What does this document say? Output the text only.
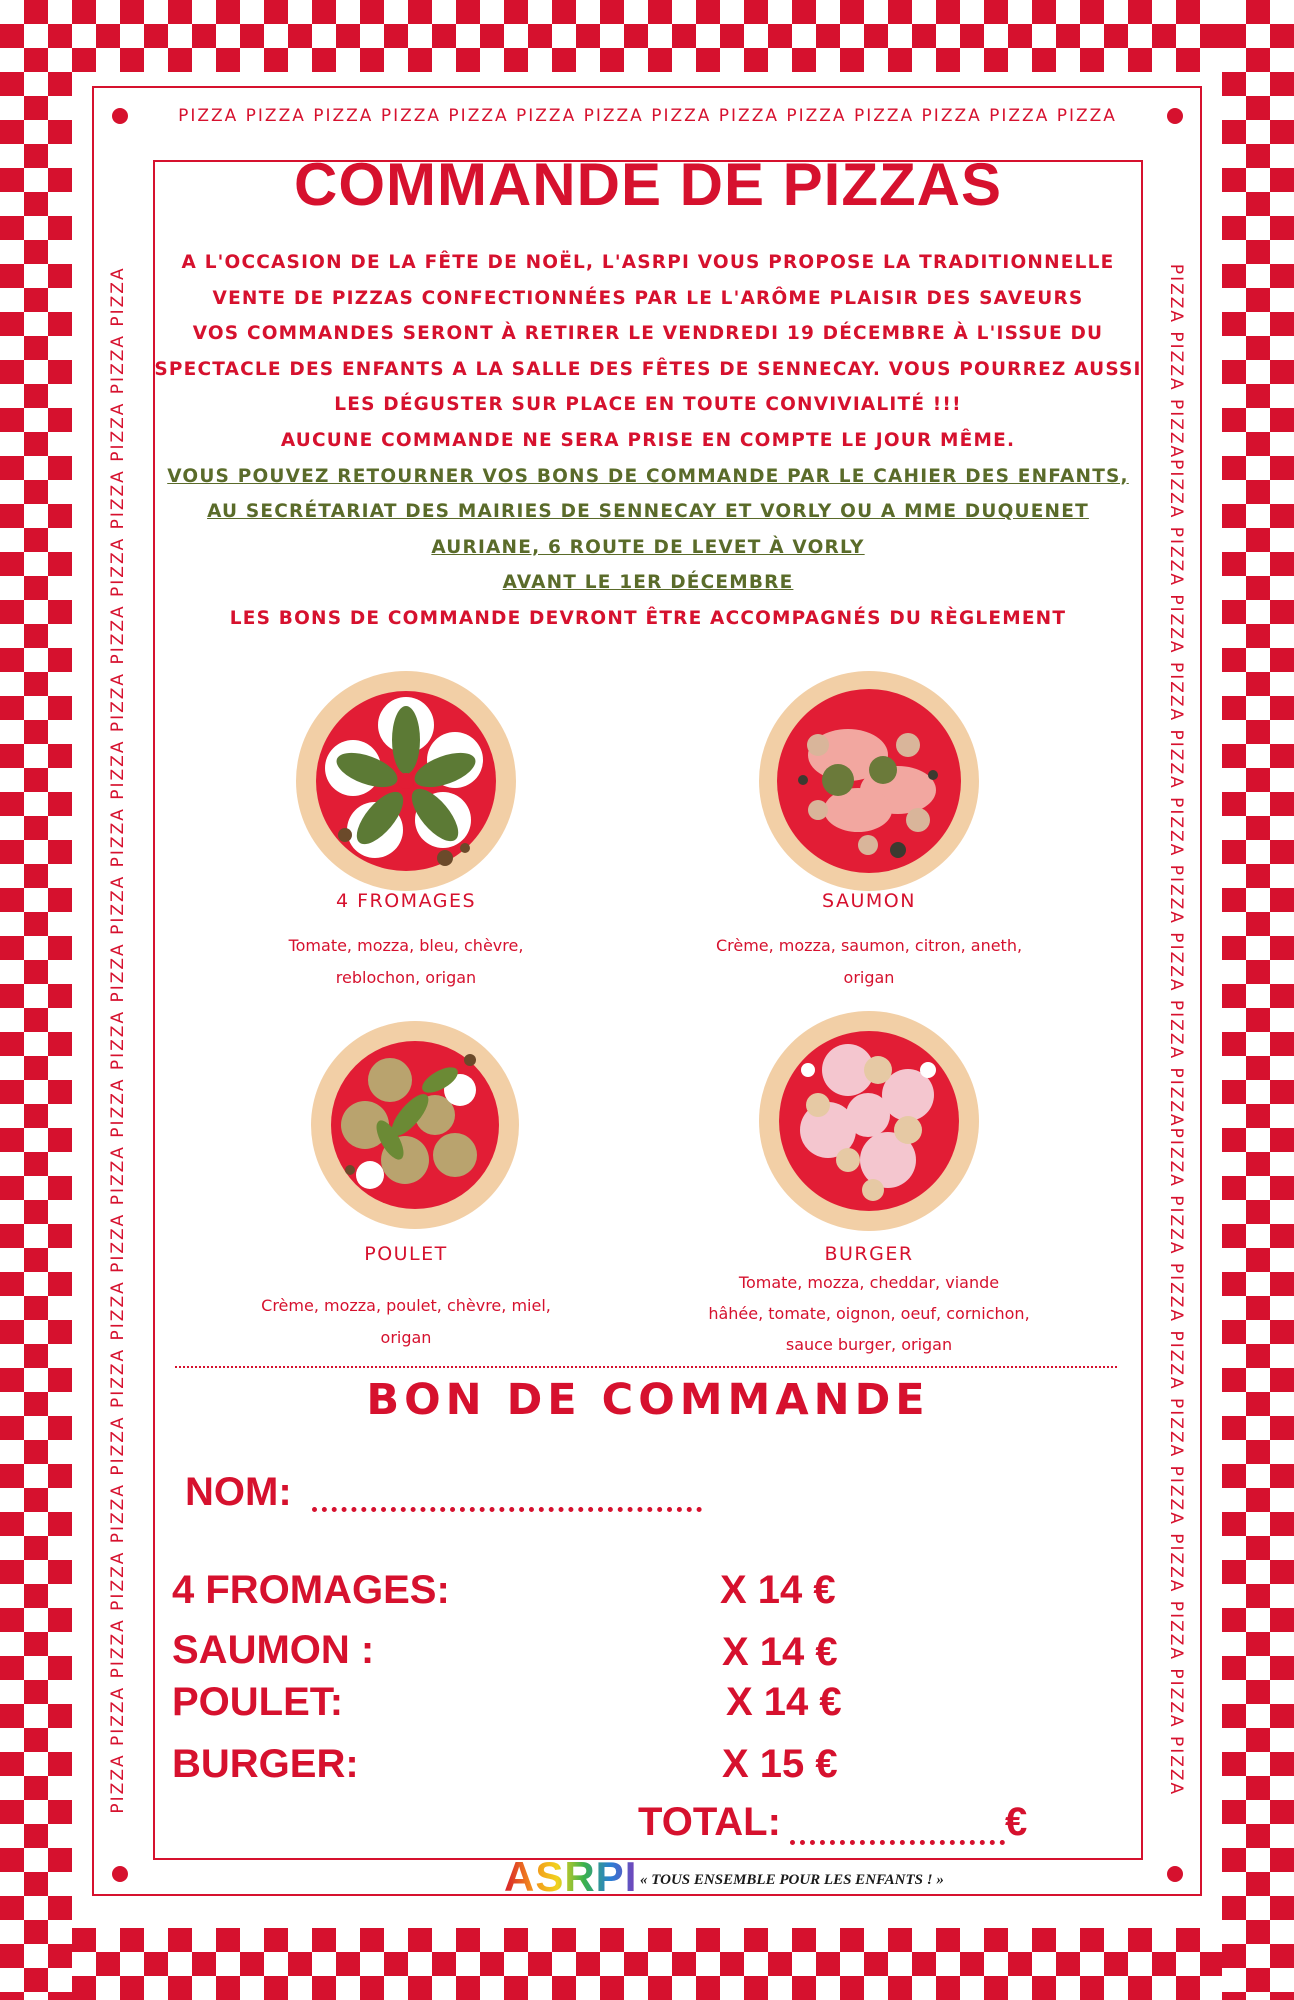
PIZZA PIZZA PIZZA PIZZA PIZZA PIZZA PIZZA PIZZA PIZZA PIZZA PIZZA PIZZA PIZZA PIZZA
PIZZA PIZZA PIZZA PIZZA PIZZA PIZZA PIZZA PIZZA PIZZA PIZZA PIZZA PIZZA PIZZA PIZZA PIZZA PIZZA PIZZA PIZZA PIZZA PIZZA PIZZA PIZZA PIZZA	PIZZA PIZZA PIZZAPIZZA PIZZA PIZZA PIZZA PIZZA PIZZA PIZZA PIZZA PIZZA PIZZAPIZZA PIZZA PIZZA PIZZA PIZZA PIZZA PIZZA PIZZA PIZZA PIZZA
COMMANDE DE PIZZAS
A L'OCCASION DE LA FÊTE DE NOËL, L'ASRPI VOUS PROPOSE LA TRADITIONNELLE
VENTE DE PIZZAS CONFECTIONNÉES PAR LE L'ARÔME PLAISIR DES SAVEURS
VOS COMMANDES SERONT À RETIRER LE VENDREDI 19 DÉCEMBRE À L'ISSUE DU
SPECTACLE DES ENFANTS A LA SALLE DES FÊTES DE SENNECAY. VOUS POURREZ AUSSI
LES DÉGUSTER SUR PLACE EN TOUTE CONVIVIALITÉ !!!
AUCUNE COMMANDE NE SERA PRISE EN COMPTE LE JOUR MÊME.
VOUS POUVEZ RETOURNER VOS BONS DE COMMANDE PAR LE CAHIER DES ENFANTS,
AU SECRÉTARIAT DES MAIRIES DE SENNECAY ET VORLY OU A MME DUQUENET
AURIANE, 6 ROUTE DE LEVET À VORLY
AVANT LE 1ER DÉCEMBRE
LES BONS DE COMMANDE DEVRONT ÊTRE ACCOMPAGNÉS DU RÈGLEMENT
4 FROMAGES
Tomate, mozza, bleu, chèvre,
reblochon, origan
SAUMON
Crème, mozza, saumon, citron, aneth,
origan
POULET
Crème, mozza, poulet, chèvre, miel,
origan
BURGER
Tomate, mozza, cheddar, viande
hâhée, tomate, oignon, oeuf, cornichon,
sauce burger, origan
BON DE COMMANDE
NOM:
4 FROMAGES:	X 14 €
SAUMON :	X 14 €
POULET:	X 14 €
BURGER:	X 15 €
TOTAL:	€
ASRPI « TOUS ENSEMBLE POUR LES ENFANTS ! »
